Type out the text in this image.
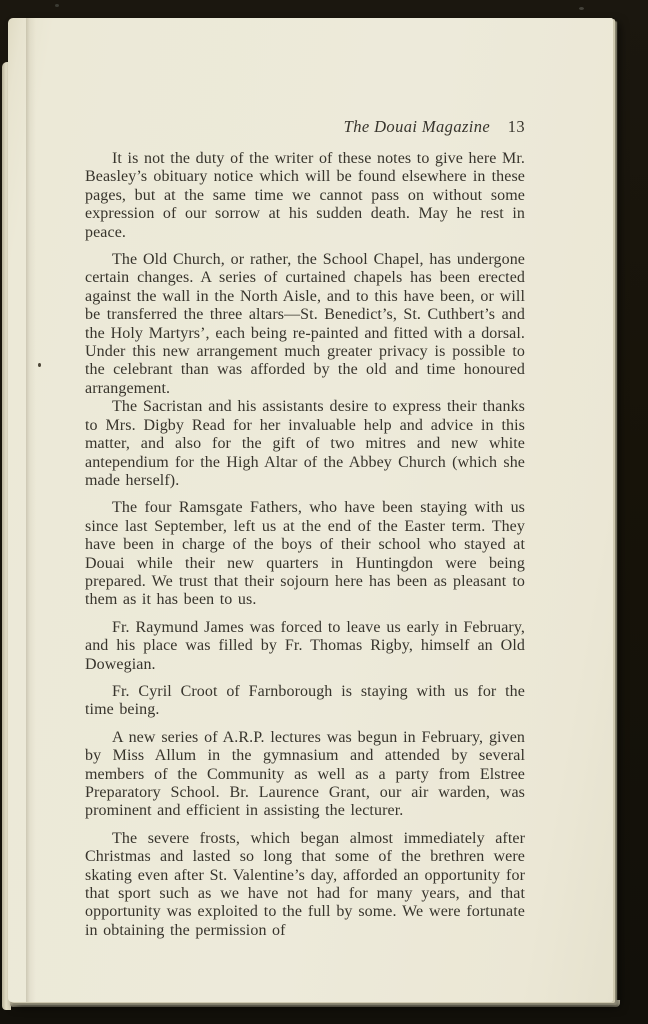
The Douai Magazine 13

It is not the duty of the writer of these notes to give here Mr. Beasley’s obituary notice which will be found elsewhere in these pages, but at the same time we cannot pass on without some expression of our sorrow at his sudden death. May he rest in peace.

The Old Church, or rather, the School Chapel, has undergone certain changes. A series of curtained chapels has been erected against the wall in the North Aisle, and to this have been, or will be transferred the three altars—St. Benedict’s, St. Cuthbert’s and the Holy Martyrs’, each being re-painted and fitted with a dorsal. Under this new arrangement much greater privacy is possible to the celebrant than was afforded by the old and time honoured arrangement.

The Sacristan and his assistants desire to express their thanks to Mrs. Digby Read for her invaluable help and advice in this matter, and also for the gift of two mitres and new white antependium for the High Altar of the Abbey Church (which she made herself).

The four Ramsgate Fathers, who have been staying with us since last September, left us at the end of the Easter term. They have been in charge of the boys of their school who stayed at Douai while their new quarters in Huntingdon were being prepared. We trust that their sojourn here has been as pleasant to them as it has been to us.

Fr. Raymund James was forced to leave us early in February, and his place was filled by Fr. Thomas Rigby, himself an Old Dowegian.

Fr. Cyril Croot of Farnborough is staying with us for the time being.

A new series of A.R.P. lectures was begun in February, given by Miss Allum in the gymnasium and attended by several members of the Community as well as a party from Elstree Preparatory School. Br. Laurence Grant, our air warden, was prominent and efficient in assisting the lecturer.

The severe frosts, which began almost immediately after Christmas and lasted so long that some of the brethren were skating even after St. Valentine’s day, afforded an opportunity for that sport such as we have not had for many years, and that opportunity was exploited to the full by some. We were fortunate in obtaining the permission of
